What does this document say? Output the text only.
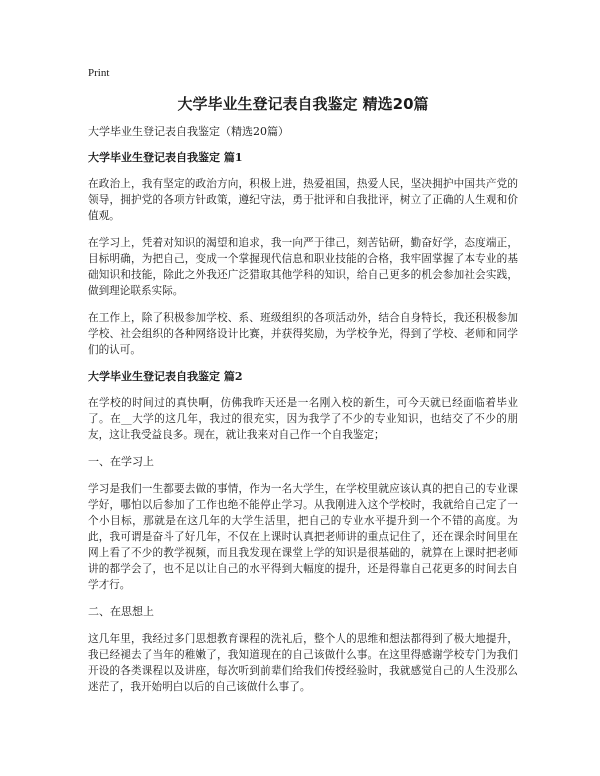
Print
大学毕业生登记表自我鉴定 精选20篇
大学毕业生登记表自我鉴定（精选20篇）
大学毕业生登记表自我鉴定 篇1

在政治上，我有坚定的政治方向，积极上进，热爱祖国，热爱人民，坚决拥护中国共产党的领导，拥护党的各项方针政策，遵纪守法，勇于批评和自我批评，树立了正确的人生观和价值观。

在学习上，凭着对知识的渴望和追求，我一向严于律己，刻苦钻研，勤奋好学，态度端正，目标明确，为把自己，变成一个掌握现代信息和职业技能的合格，我牢固掌握了本专业的基础知识和技能，除此之外我还广泛猎取其他学科的知识，给自己更多的机会参加社会实践，做到理论联系实际。

在工作上，除了积极参加学校、系、班级组织的各项活动外，结合自身特长，我还积极参加学校、社会组织的各种网络设计比赛，并获得奖励，为学校争光，得到了学校、老师和同学们的认可。

大学毕业生登记表自我鉴定 篇2

在学校的时间过的真快啊，仿佛我昨天还是一名刚入校的新生，可今天就已经面临着毕业了。在__大学的这几年，我过的很充实，因为我学了不少的专业知识，也结交了不少的朋友，这让我受益良多。现在，就让我来对自己作一个自我鉴定；

一、在学习上

学习是我们一生都要去做的事情，作为一名大学生，在学校里就应该认真的把自己的专业课学好，哪怕以后参加了工作也绝不能停止学习。从我刚进入这个学校时，我就给自己定了一个小目标，那就是在这几年的大学生活里，把自己的专业水平提升到一个不错的高度。为此，我可谓是奋斗了好几年，不仅在上课时认真把老师讲的重点记住了，还在课余时间里在网上看了不少的教学视频，而且我发现在课堂上学的知识是很基础的，就算在上课时把老师讲的都学会了，也不足以让自己的水平得到大幅度的提升，还是得靠自己花更多的时间去自学才行。

二、在思想上

这几年里，我经过多门思想教育课程的洗礼后，整个人的思维和想法都得到了极大地提升，我已经褪去了当年的稚嫩了，我知道现在的自己该做什么事。在这里得感谢学校专门为我们开设的各类课程以及讲座，每次听到前辈们给我们传授经验时，我就感觉自己的人生没那么迷茫了，我开始明白以后的自己该做什么事了。
